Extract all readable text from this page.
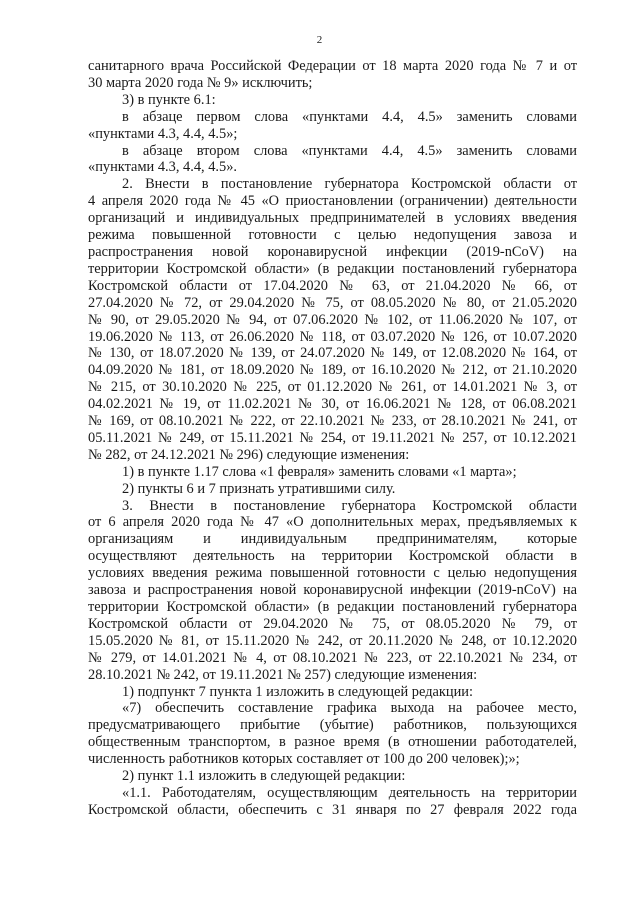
2
санитарного врача Российской Федерации от 18 марта 2020 года № 7 и от
30 марта 2020 года № 9» исключить;
3) в пункте 6.1:
в абзаце первом слова «пунктами 4.4, 4.5» заменить словами
«пунктами 4.3, 4.4, 4.5»;
в абзаце втором слова «пунктами 4.4, 4.5» заменить словами
«пунктами 4.3, 4.4, 4.5».
2. Внести в постановление губернатора Костромской области от
4 апреля 2020 года № 45 «О приостановлении (ограничении) деятельности
организаций и индивидуальных предпринимателей в условиях введения
режима повышенной готовности с целью недопущения завоза и
распространения новой коронавирусной инфекции (2019-nCoV) на
территории Костромской области» (в редакции постановлений губернатора
Костромской области от 17.04.2020 № 63, от 21.04.2020 № 66, от
27.04.2020 № 72, от 29.04.2020 № 75, от 08.05.2020 № 80, от 21.05.2020
№ 90, от 29.05.2020 № 94, от 07.06.2020 № 102, от 11.06.2020 № 107, от
19.06.2020 № 113, от 26.06.2020 № 118, от 03.07.2020 № 126, от 10.07.2020
№ 130, от 18.07.2020 № 139, от 24.07.2020 № 149, от 12.08.2020 № 164, от
04.09.2020 № 181, от 18.09.2020 № 189, от 16.10.2020 № 212, от 21.10.2020
№ 215, от 30.10.2020 № 225, от 01.12.2020 № 261, от 14.01.2021 № 3, от
04.02.2021 № 19, от 11.02.2021 № 30, от 16.06.2021 № 128, от 06.08.2021
№ 169, от 08.10.2021 № 222, от 22.10.2021 № 233, от 28.10.2021 № 241, от
05.11.2021 № 249, от 15.11.2021 № 254, от 19.11.2021 № 257, от 10.12.2021
№ 282, от 24.12.2021 № 296) следующие изменения:
1) в пункте 1.17 слова «1 февраля» заменить словами «1 марта»;
2) пункты 6 и 7 признать утратившими силу.
3. Внести в постановление губернатора Костромской области
от 6 апреля 2020 года № 47 «О дополнительных мерах, предъявляемых к
организациям и индивидуальным предпринимателям, которые
осуществляют деятельность на территории Костромской области в
условиях введения режима повышенной готовности с целью недопущения
завоза и распространения новой коронавирусной инфекции (2019-nCoV) на
территории Костромской области» (в редакции постановлений губернатора
Костромской области от 29.04.2020 № 75, от 08.05.2020 № 79, от
15.05.2020 № 81, от 15.11.2020 № 242, от 20.11.2020 № 248, от 10.12.2020
№ 279, от 14.01.2021 № 4, от 08.10.2021 № 223, от 22.10.2021 № 234, от
28.10.2021 № 242, от 19.11.2021 № 257) следующие изменения:
1) подпункт 7 пункта 1 изложить в следующей редакции:
«7) обеспечить составление графика выхода на рабочее место,
предусматривающего прибытие (убытие) работников, пользующихся
общественным транспортом, в разное время (в отношении работодателей,
численность работников которых составляет от 100 до 200 человек);»;
2) пункт 1.1 изложить в следующей редакции:
«1.1. Работодателям, осуществляющим деятельность на территории
Костромской области, обеспечить с 31 января по 27 февраля 2022 года
